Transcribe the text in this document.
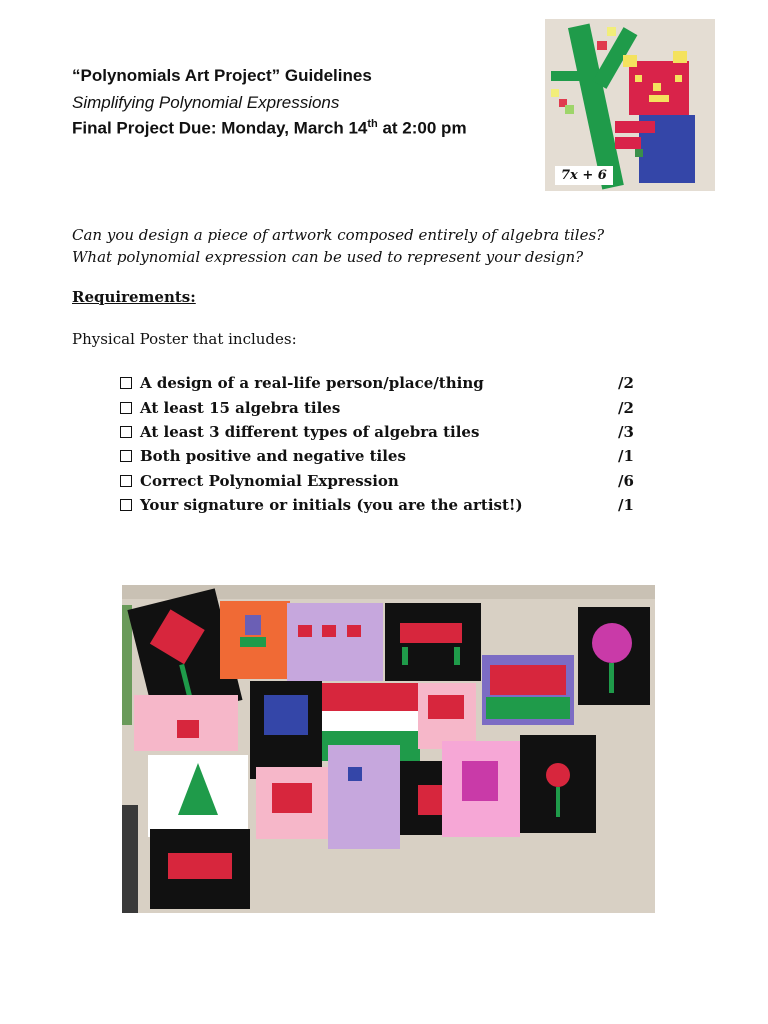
“Polynomials Art Project” Guidelines
Simplifying Polynomial Expressions
Final Project Due: Monday, March 14th at 2:00 pm
7x + 6
Can you design a piece of artwork composed entirely of algebra tiles?
What polynomial expression can be used to represent your design?
Requirements:
Physical Poster that includes:
A design of a real-life person/place/thing	/2
At least 15 algebra tiles	/2
At least 3 different types of algebra tiles	/3
Both positive and negative tiles	/1
Correct Polynomial Expression	/6
Your signature or initials (you are the artist!)	/1
